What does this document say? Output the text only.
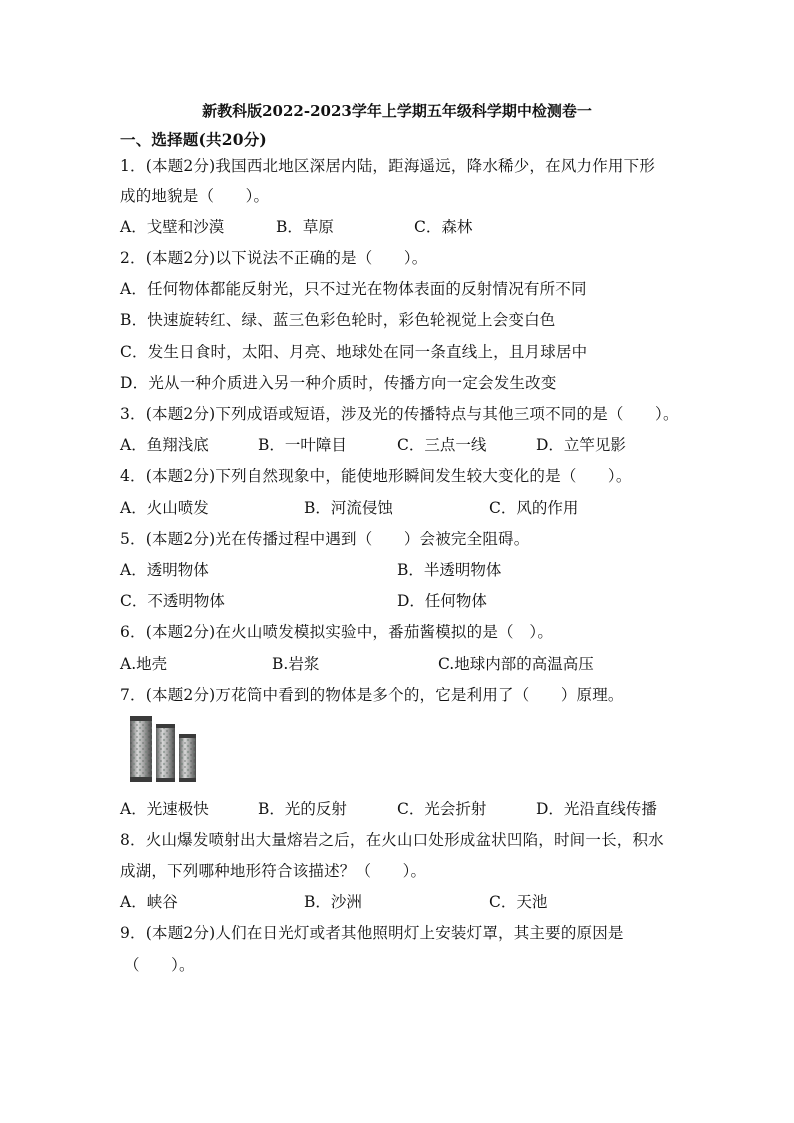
新教科版2022-2023学年上学期五年级科学期中检测卷一
一、选择题(共20分)
1．(本题2分)我国西北地区深居内陆，距海遥远，降水稀少，在风力作用下形
成的地貌是（　　）。
A．戈壁和沙漠	B．草原	C．森林
2．(本题2分)以下说法不正确的是（　　）。
A．任何物体都能反射光，只不过光在物体表面的反射情况有所不同
B．快速旋转红、绿、蓝三色彩色轮时，彩色轮视觉上会变白色
C．发生日食时，太阳、月亮、地球处在同一条直线上，且月球居中
D．光从一种介质进入另一种介质时，传播方向一定会发生改变
3．(本题2分)下列成语或短语，涉及光的传播特点与其他三项不同的是（　　）。
A．鱼翔浅底	B．一叶障目	C．三点一线	D．立竿见影
4．(本题2分)下列自然现象中，能使地形瞬间发生较大变化的是（　　）。
A．火山喷发	B．河流侵蚀	C．风的作用
5．(本题2分)光在传播过程中遇到（　　）会被完全阻碍。
A．透明物体	B．半透明物体
C．不透明物体	D．任何物体
6．(本题2分)在火山喷发模拟实验中，番茄酱模拟的是（　）。
A.地壳	B.岩浆	C.地球内部的高温高压
7．(本题2分)万花筒中看到的物体是多个的，它是利用了（　　）原理。
A．光速极快	B．光的反射	C．光会折射	D．光沿直线传播
8．火山爆发喷射出大量熔岩之后，在火山口处形成盆状凹陷，时间一长，积水
成湖，下列哪种地形符合该描述？（　　）。
A．峡谷	B．沙洲	C．天池
9．(本题2分)人们在日光灯或者其他照明灯上安装灯罩，其主要的原因是
（　　）。
